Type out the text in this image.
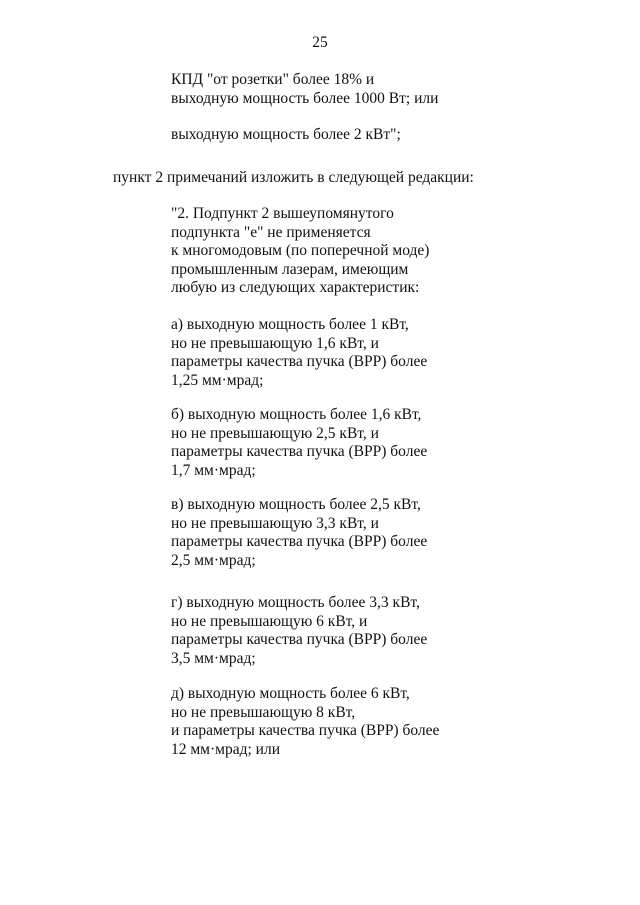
25
КПД "от розетки" более 18% и
выходную мощность более 1000 Вт; или
выходную мощность более 2 кВт";
пункт 2 примечаний изложить в следующей редакции:
"2. Подпункт 2 вышеупомянутого
подпункта "е" не применяется
к многомодовым (по поперечной моде)
промышленным лазерам, имеющим
любую из следующих характеристик:
а) выходную мощность более 1 кВт,
но не превышающую 1,6 кВт, и
параметры качества пучка (BPP) более
1,25 мм·мрад;
б) выходную мощность более 1,6 кВт,
но не превышающую 2,5 кВт, и
параметры качества пучка (BPP) более
1,7 мм·мрад;
в) выходную мощность более 2,5 кВт,
но не превышающую 3,3 кВт, и
параметры качества пучка (BPP) более
2,5 мм·мрад;
г) выходную мощность более 3,3 кВт,
но не превышающую 6 кВт, и
параметры качества пучка (BPP) более
3,5 мм·мрад;
д) выходную мощность более 6 кВт,
но не превышающую 8 кВт,
и параметры качества пучка (BPP) более
12 мм·мрад; или
